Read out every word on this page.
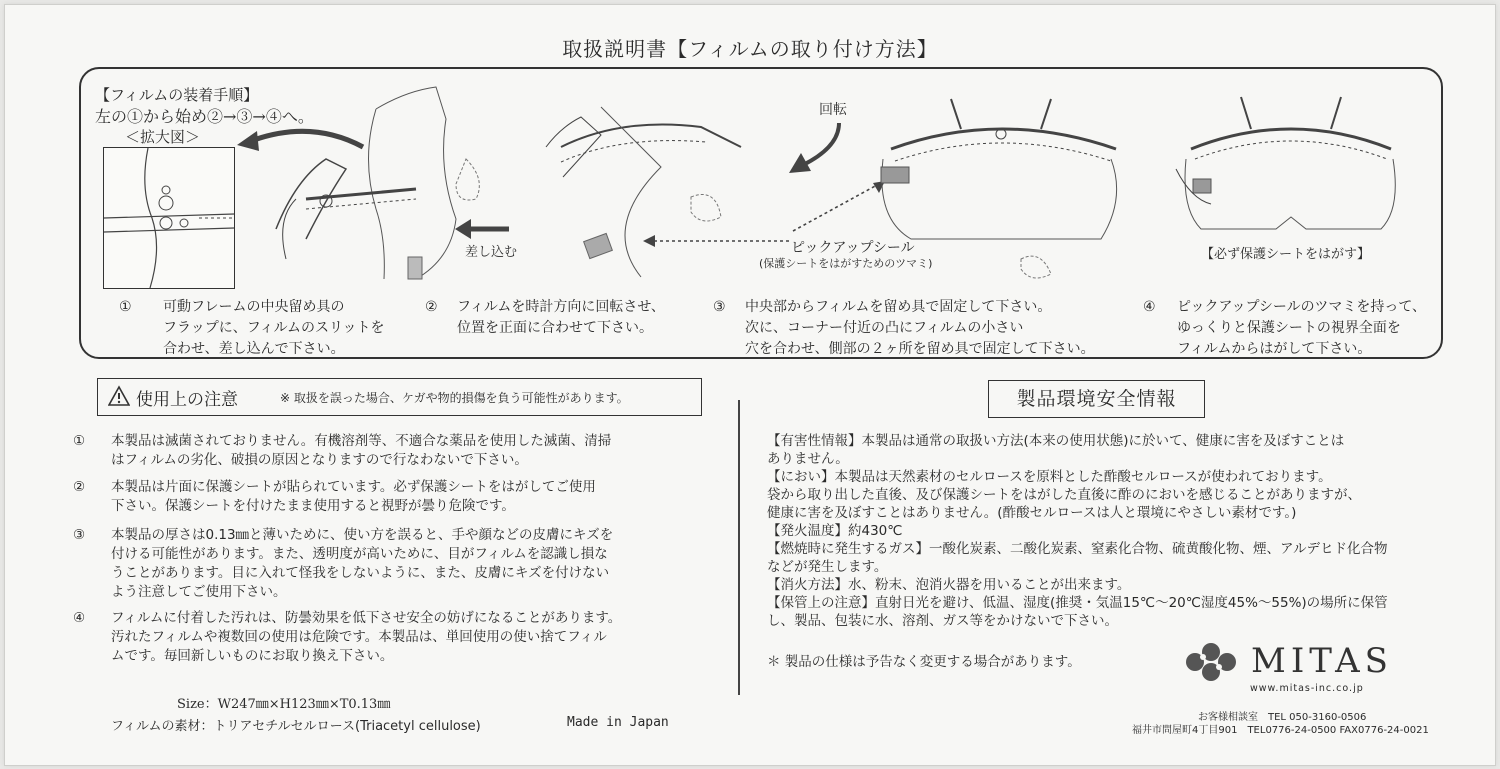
取扱説明書【フィルムの取り付け方法】
【フィルムの装着手順】
左の①から始め②→③→④へ。
＜拡大図＞
差し込む
回転
ピックアップシール
(保護シートをはがすためのツマミ)
【必ず保護シートをはがす】
①	可動フレームの中央留め具の
フラップに、フィルムのスリットを
合わせ、差し込んで下さい。
②	フィルムを時計方向に回転させ、
位置を正面に合わせて下さい。
③	中央部からフィルムを留め具で固定して下さい。
次に、コーナー付近の凸にフィルムの小さい
穴を合わせ、側部の２ヶ所を留め具で固定して下さい。
④	ピックアップシールのツマミを持って、
ゆっくりと保護シートの視界全面を
フィルムからはがして下さい。
使用上の注意	※ 取扱を誤った場合、ケガや物的損傷を負う可能性があります。
① 本製品は滅菌されておりません。有機溶剤等、不適合な薬品を使用した滅菌、清掃
はフィルムの劣化、破損の原因となりますので行なわないで下さい。
② 本製品は片面に保護シートが貼られています。必ず保護シートをはがしてご使用
下さい。保護シートを付けたまま使用すると視野が曇り危険です。
③ 本製品の厚さは0.13㎜と薄いために、使い方を誤ると、手や顔などの皮膚にキズを
付ける可能性があります。また、透明度が高いために、目がフィルムを認識し損な
うことがあります。目に入れて怪我をしないように、また、皮膚にキズを付けない
よう注意してご使用下さい。
④ フィルムに付着した汚れは、防曇効果を低下させ安全の妨げになることがあります。
汚れたフィルムや複数回の使用は危険です。本製品は、単回使用の使い捨てフィル
ムです。毎回新しいものにお取り換え下さい。
Size：W247㎜×H123㎜×T0.13㎜
フィルムの素材：トリアセチルセルロース(Triacetyl cellulose)	Made in Japan
製品環境安全情報
【有害性情報】本製品は通常の取扱い方法(本来の使用状態)に於いて、健康に害を及ぼすことは
ありません。
【におい】本製品は天然素材のセルロースを原料とした酢酸セルロースが使われております。
袋から取り出した直後、及び保護シートをはがした直後に酢のにおいを感じることがありますが、
健康に害を及ぼすことはありません。(酢酸セルロースは人と環境にやさしい素材です。)
【発火温度】約430℃
【燃焼時に発生するガス】一酸化炭素、二酸化炭素、窒素化合物、硫黄酸化物、煙、アルデヒド化合物
などが発生します。
【消火方法】水、粉末、泡消火器を用いることが出来ます。
【保管上の注意】直射日光を避け、低温、湿度(推奨・気温15℃～20℃湿度45%～55%)の場所に保管
し、製品、包装に水、溶剤、ガス等をかけないで下さい。
＊ 製品の仕様は予告なく変更する場合があります。	MITAS
www.mitas-inc.co.jp
お客様相談室　TEL 050-3160-0506
福井市問屋町4丁目901　TEL0776-24-0500 FAX0776-24-0021
